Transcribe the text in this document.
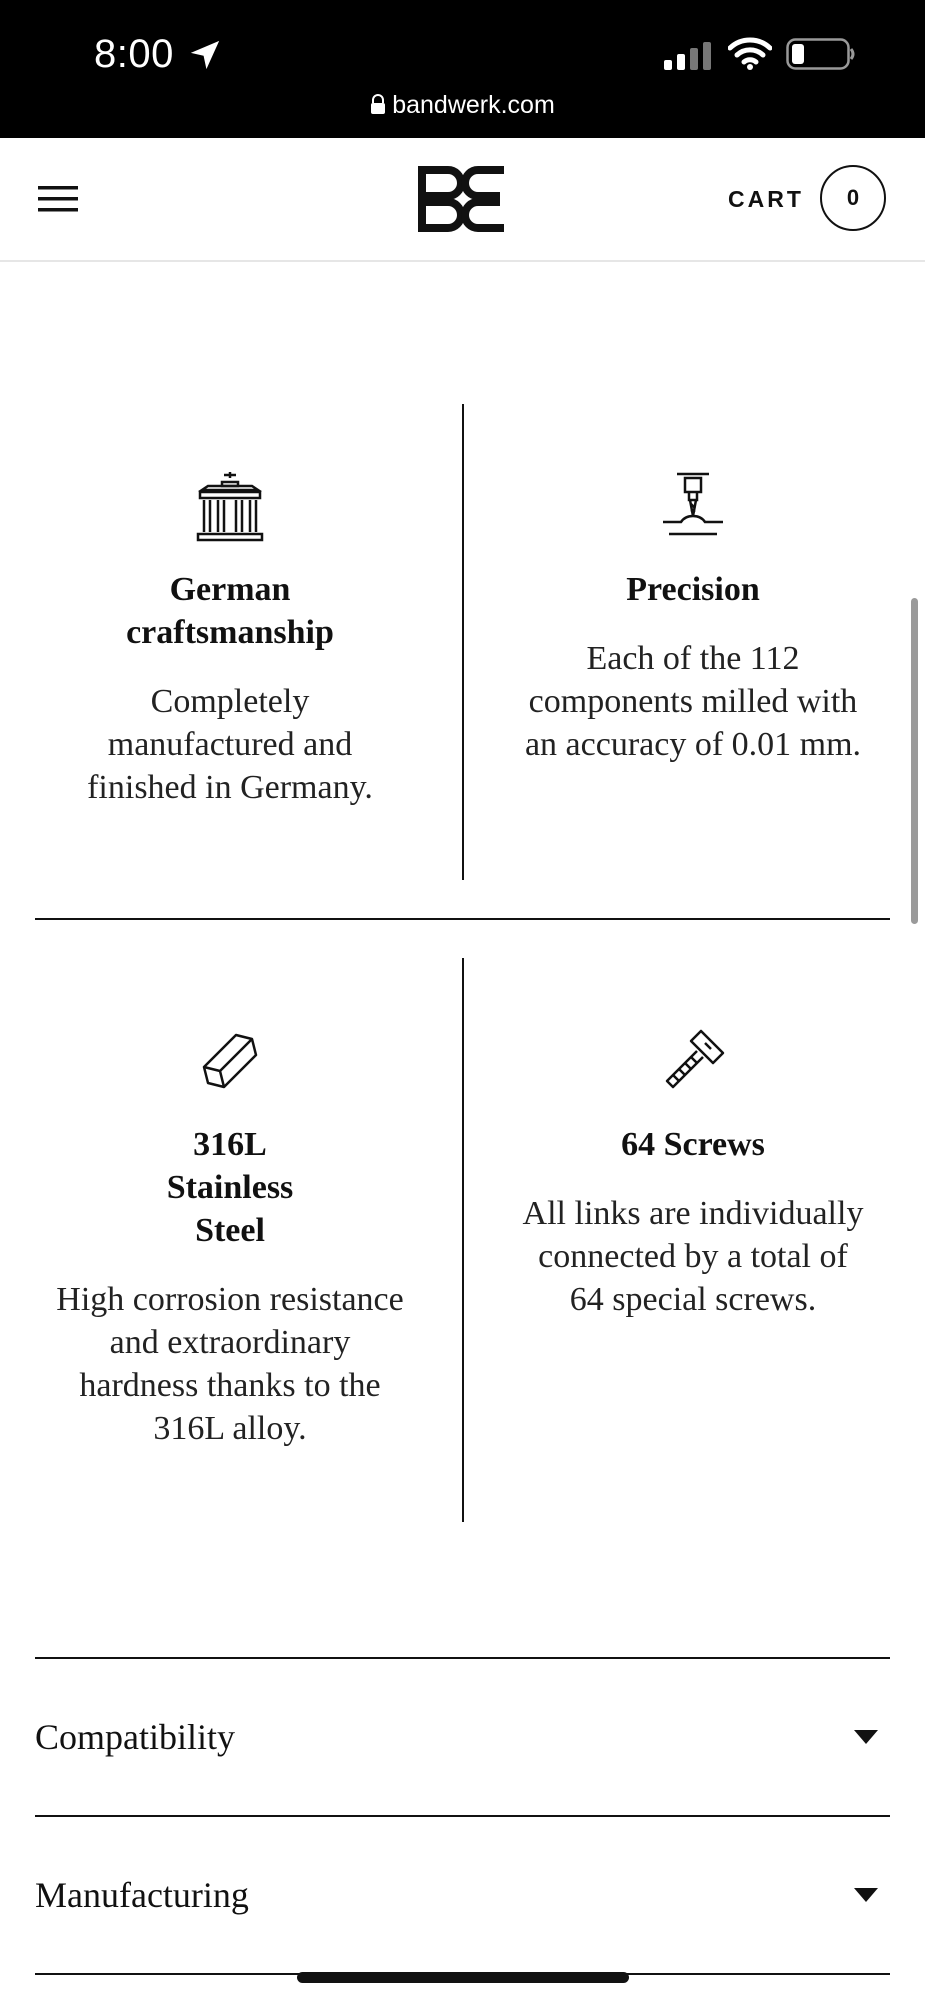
8:00
bandwerk.com
CART	0

German
craftsmanship

Completely
manufactured and
finished in Germany.

Precision

Each of the 112
components milled with
an accuracy of 0.01 mm.

316L
Stainless
Steel

High corrosion resistance
and extraordinary
hardness thanks to the
316L alloy.

64 Screws

All links are individually
connected by a total of
64 special screws.

Compatibility
Manufacturing
